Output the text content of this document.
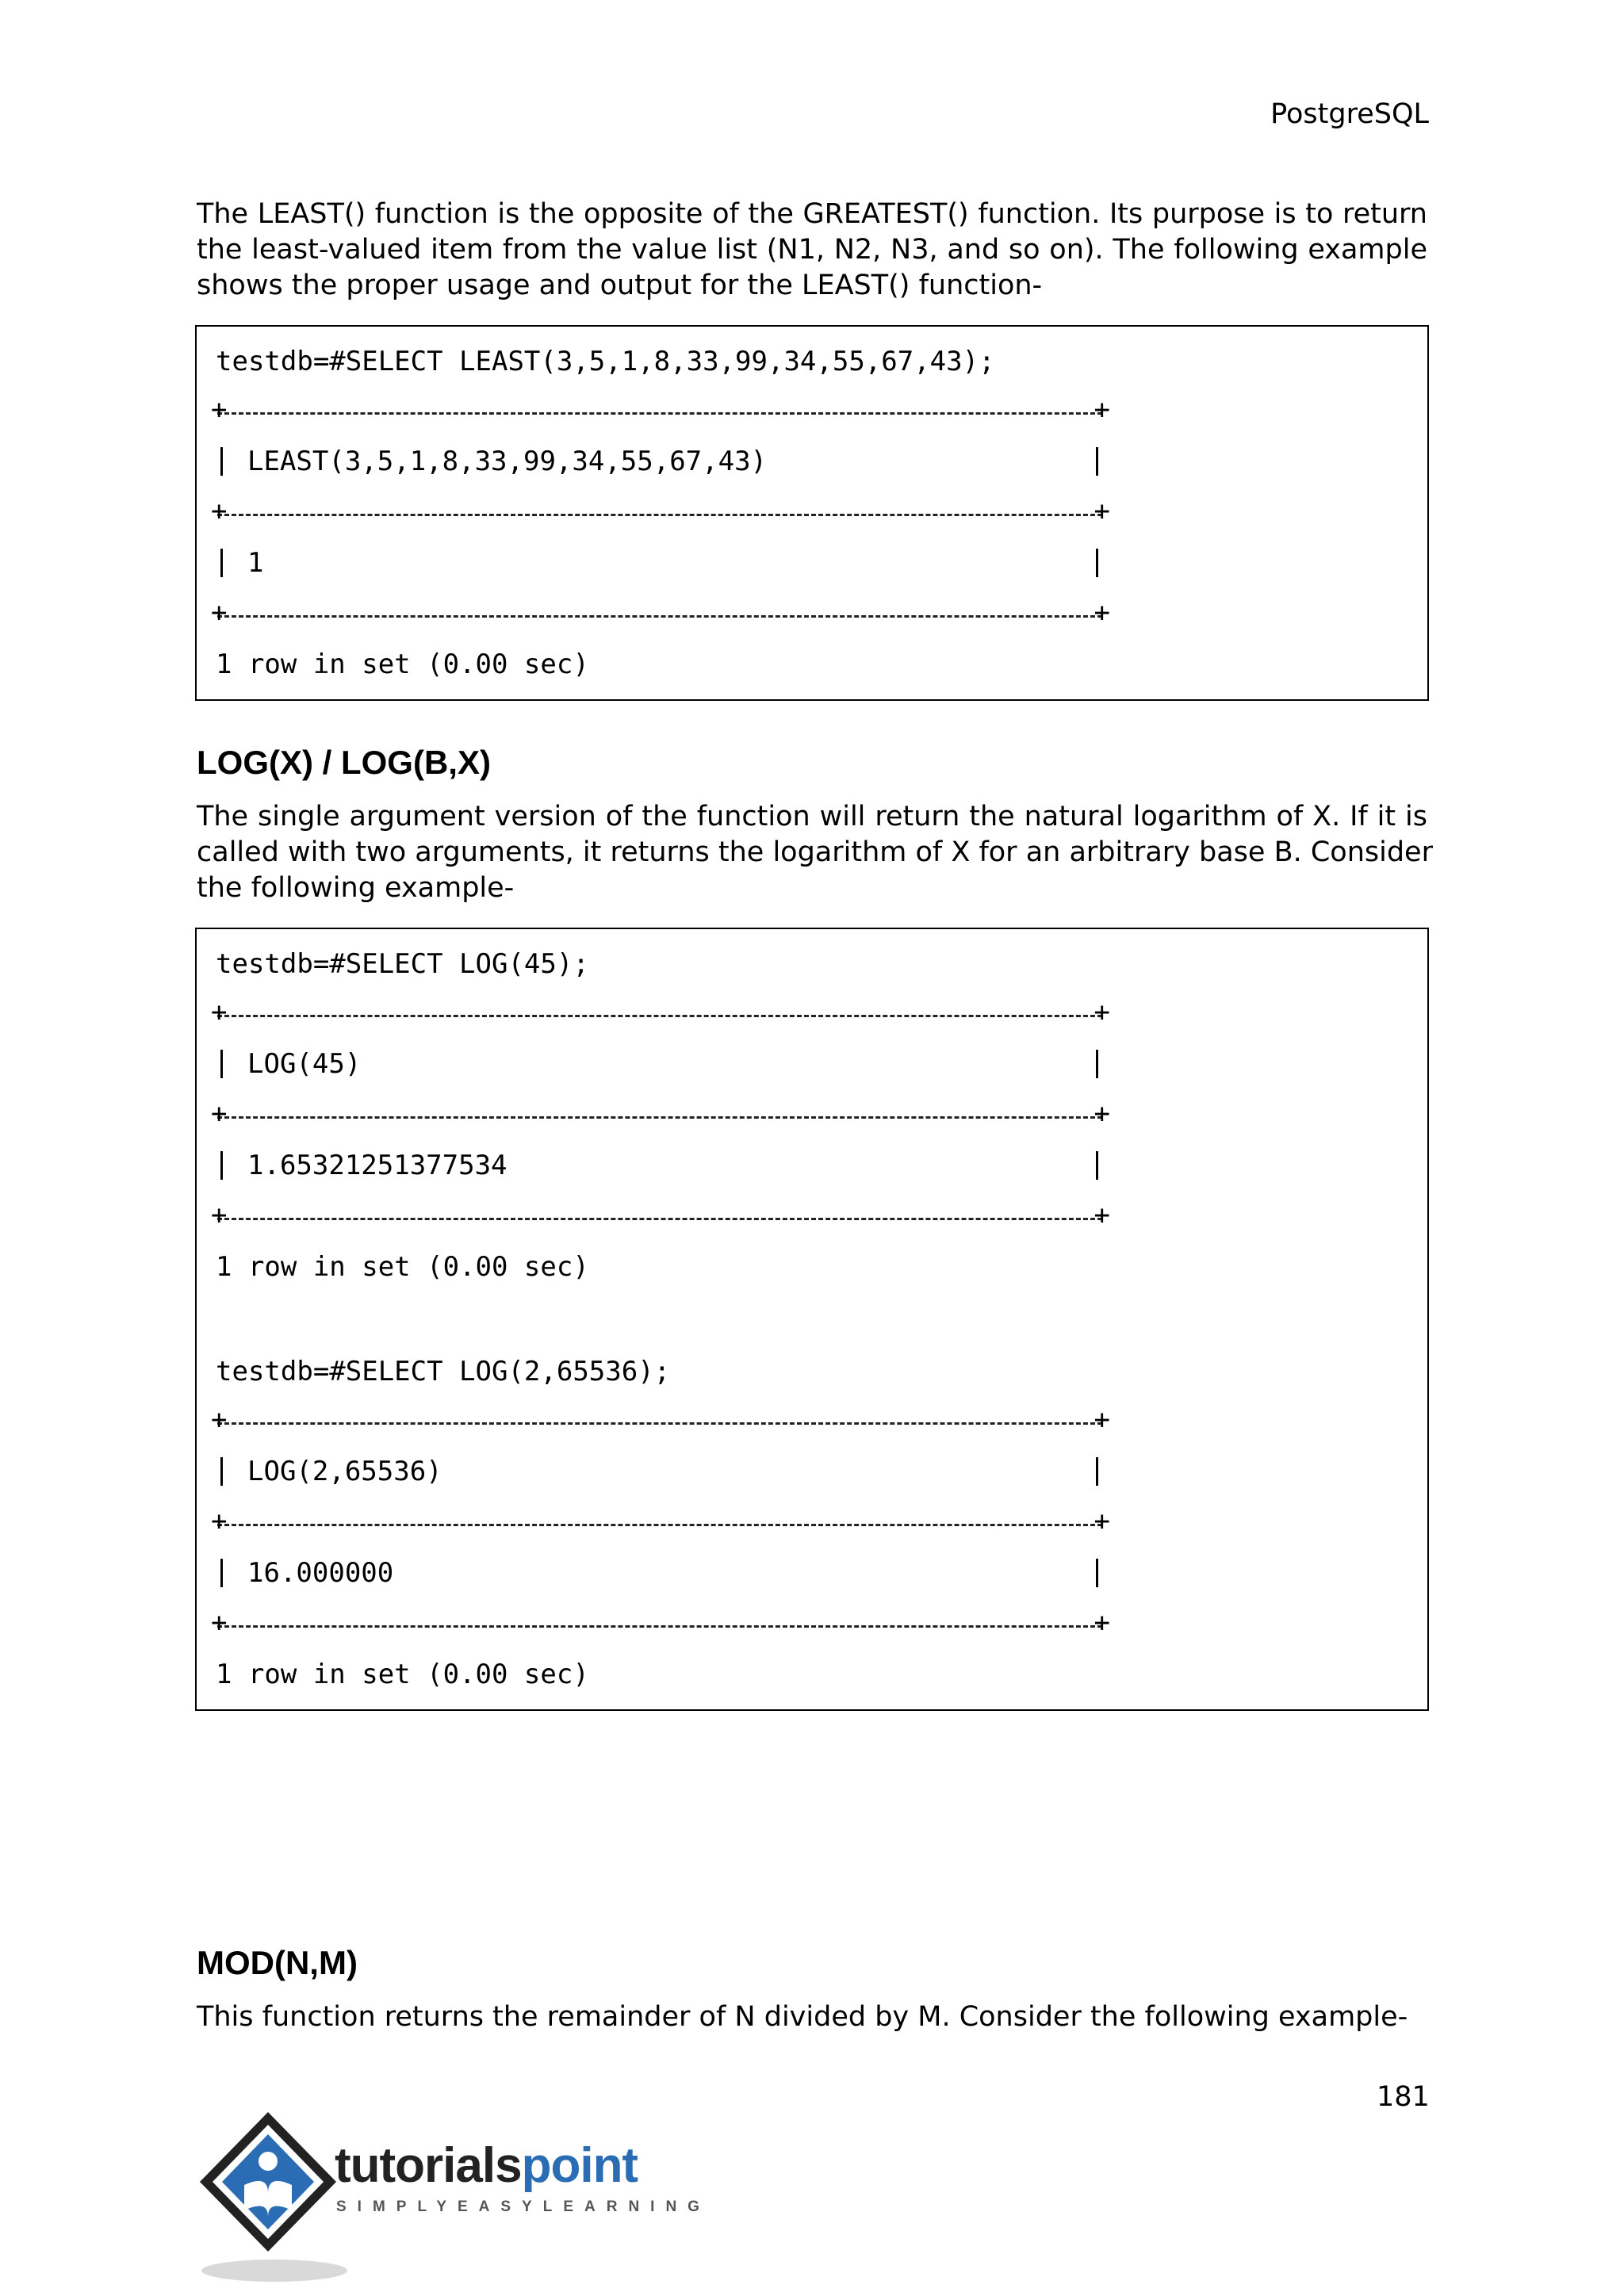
PostgreSQL

The LEAST() function is the opposite of the GREATEST() function. Its purpose is to return
the least-valued item from the value list (N1, N2, N3, and so on). The following example
shows the proper usage and output for the LEAST() function-

testdb=#SELECT LEAST(3,5,1,8,33,99,34,55,67,43);
+ +
LEAST(3,5,1,8,33,99,34,55,67,43)
+ +
1
+ +
1 row in set (0.00 sec)
LOG(X) / LOG(B,X)

The single argument version of the function will return the natural logarithm of X. If it is
called with two arguments, it returns the logarithm of X for an arbitrary base B. Consider
the following example-

testdb=#SELECT LOG(45);
+ +
LOG(45)
+ +
1.65321251377534
+ +
1 row in set (0.00 sec)
testdb=#SELECT LOG(2,65536);
+ +
LOG(2,65536)
+ +
16.000000
+ +
1 row in set (0.00 sec)
MOD(N,M)

This function returns the remainder of N divided by M. Consider the following example-

181
tutorialspoint
SIMPLYEASYLEARNING
